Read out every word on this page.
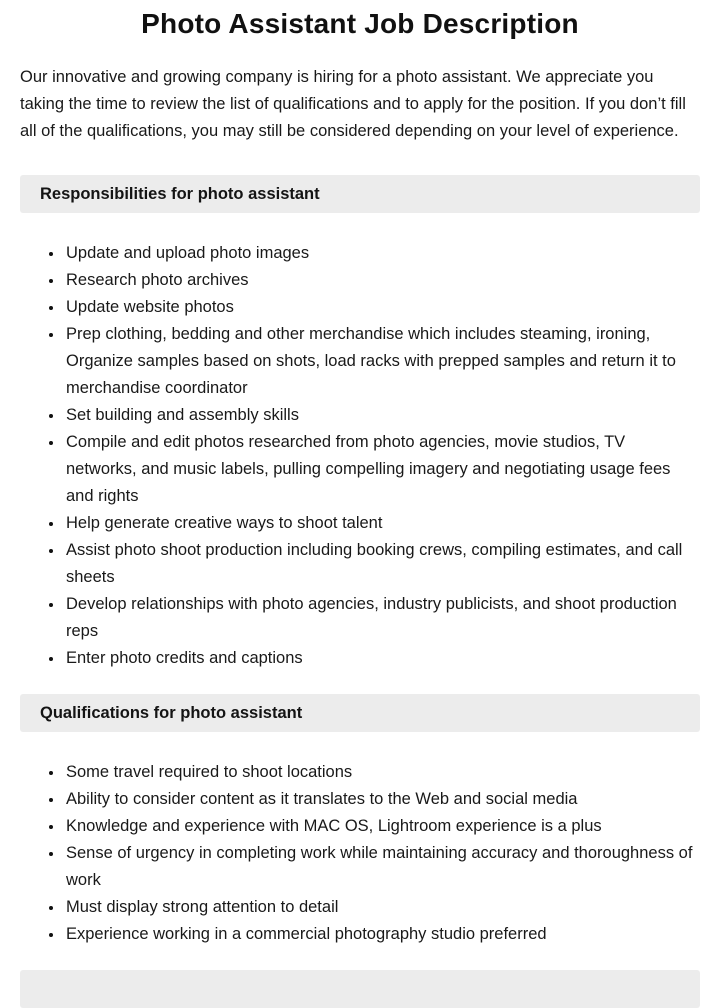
Photo Assistant Job Description

Our innovative and growing company is hiring for a photo assistant. We appreciate you taking the time to review the list of qualifications and to apply for the position. If you don’t fill all of the qualifications, you may still be considered depending on your level of experience.

Responsibilities for photo assistant
• Update and upload photo images
• Research photo archives
• Update website photos
• Prep clothing, bedding and other merchandise which includes steaming, ironing, Organize samples based on shots, load racks with prepped samples and return it to merchandise coordinator
• Set building and assembly skills
• Compile and edit photos researched from photo agencies, movie studios, TV networks, and music labels, pulling compelling imagery and negotiating usage fees and rights
• Help generate creative ways to shoot talent
• Assist photo shoot production including booking crews, compiling estimates, and call sheets
• Develop relationships with photo agencies, industry publicists, and shoot production reps
• Enter photo credits and captions
Qualifications for photo assistant
• Some travel required to shoot locations
• Ability to consider content as it translates to the Web and social media
• Knowledge and experience with MAC OS, Lightroom experience is a plus
• Sense of urgency in completing work while maintaining accuracy and thoroughness of work
• Must display strong attention to detail
• Experience working in a commercial photography studio preferred
